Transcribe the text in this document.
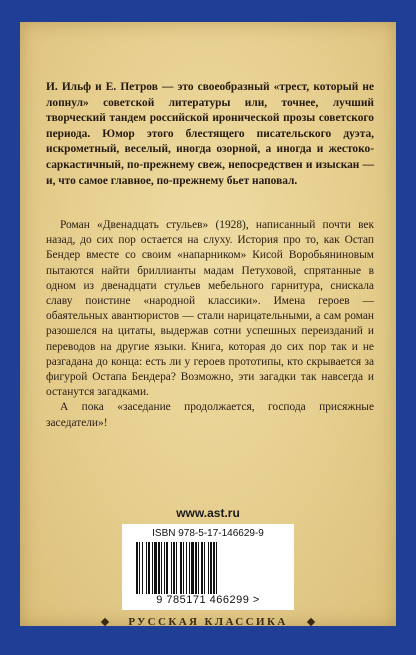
И. Ильф и Е. Петров — это своеобразный «трест, который не лопнул» советской литературы или, точнее, лучший творческий тандем российской иронической прозы советского периода. Юмор этого блестящего писательского дуэта, искрометный, веселый, иногда озорной, а иногда и жестоко-саркастичный, по-прежнему свеж, непосредствен и изыскан — и, что самое главное, по-прежнему бьет наповал.

Роман «Двенадцать стульев» (1928), написанный почти век назад, до сих пор остается на слуху. История про то, как Остап Бендер вместе со своим «напарником» Кисой Воробьяниновым пытаются найти бриллианты мадам Петуховой, спрятанные в одном из двенадцати стульев мебельного гарнитура, снискала славу поистине «народной классики». Имена героев — обаятельных авантюристов — стали нарицательными, а сам роман разошелся на цитаты, выдержав сотни успешных переизданий и переводов на другие языки. Книга, которая до сих пор так и не разгадана до конца: есть ли у героев прототипы, кто скрывается за фигурой Остапа Бендера? Возможно, эти загадки так навсегда и останутся загадками.

А пока «заседание продолжается, господа присяжные заседатели»!

www.ast.ru
ISBN 978-5-17-146629-9
9 785171 466299 >
РУССКАЯ КЛАССИКА
